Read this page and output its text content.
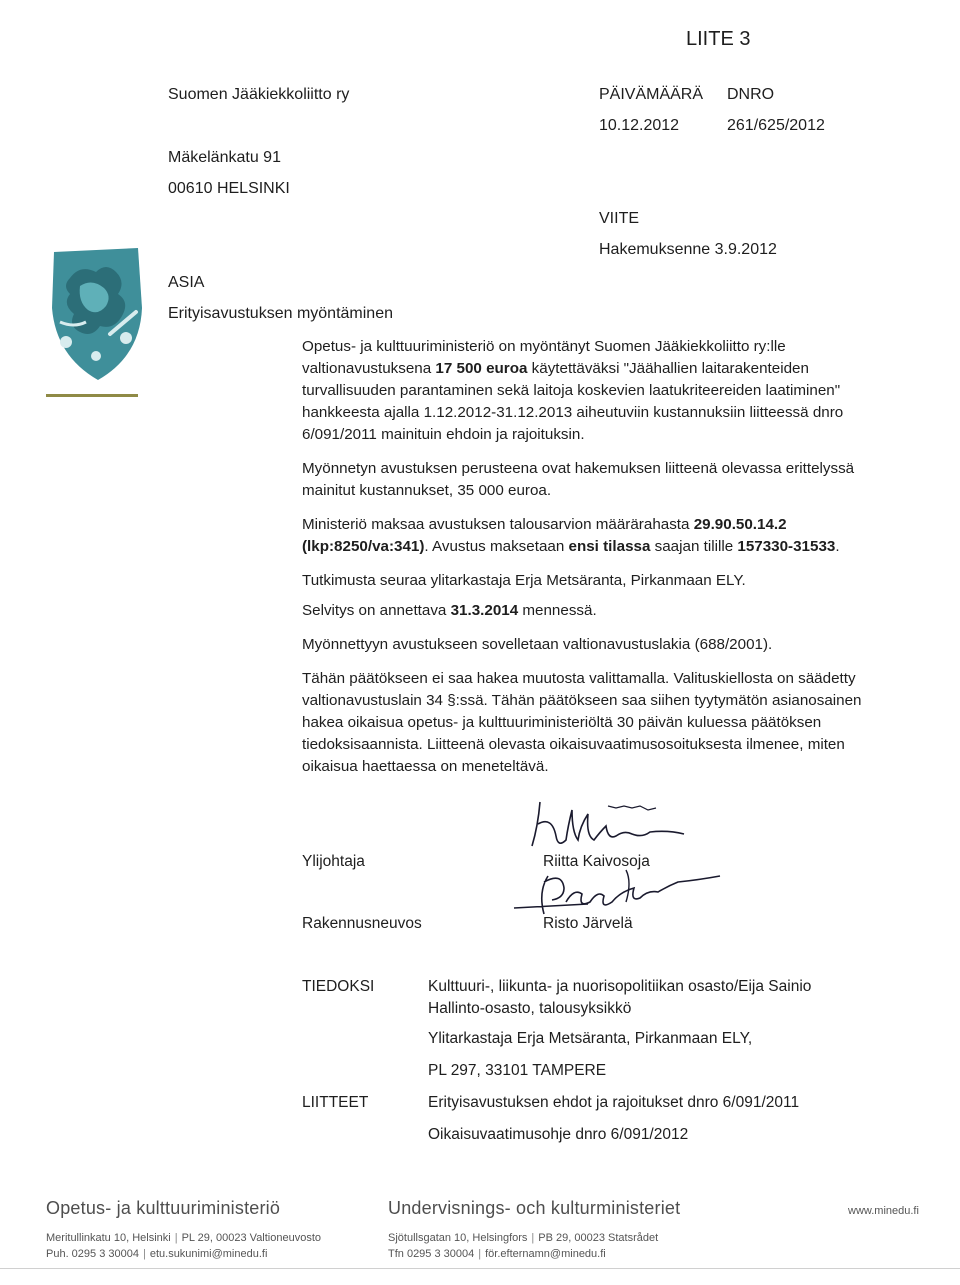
LIITE 3
Suomen Jääkiekkoliitto ry
Mäkelänkatu 91
00610 HELSINKI
PÄIVÄMÄÄRÄ DNRO
10.12.2012	261/625/2012
VIITE
Hakemuksenne 3.9.2012
ASIA
Erityisavustuksen myöntäminen

Opetus- ja kulttuuriministeriö on myöntänyt Suomen Jääkiekkoliitto ry:lle valtionavustuksena 17 500 euroa käytettäväksi "Jäähallien laitarakenteiden turvallisuuden parantaminen sekä laitoja koskevien laatukriteereiden laatiminen" hankkeesta ajalla 1.12.2012-31.12.2013 aiheutuviin kustannuksiin liitteessä dnro 6/091/2011 mainituin ehdoin ja rajoituksin.

Myönnetyn avustuksen perusteena ovat hakemuksen liitteenä olevassa erittelyssä mainitut kustannukset, 35 000 euroa.

Ministeriö maksaa avustuksen talousarvion määrärahasta 29.90.50.14.2 (lkp:8250/va:341). Avustus maksetaan ensi tilassa saajan tilille 157330-31533.

Tutkimusta seuraa ylitarkastaja Erja Metsäranta, Pirkanmaan ELY.

Selvitys on annettava 31.3.2014 mennessä.

Myönnettyyn avustukseen sovelletaan valtionavustuslakia (688/2001).

Tähän päätökseen ei saa hakea muutosta valittamalla. Valituskiellosta on säädetty valtionavustuslain 34 §:ssä. Tähän päätökseen saa siihen tyytymätön asianosainen hakea oikaisua opetus- ja kulttuuriministeriöltä 30 päivän kuluessa päätöksen tiedoksisaannista. Liitteenä olevasta oikaisuvaatimusosoituksesta ilmenee, miten oikaisua haettaessa on meneteltävä.

Ylijohtaja	Riitta Kaivosoja
Rakennusneuvos	Risto Järvelä
TIEDOKSI	Kulttuuri-, liikunta- ja nuorisopolitiikan osasto/Eija Sainio
Hallinto-osasto, talousyksikkö
Ylitarkastaja Erja Metsäranta, Pirkanmaan ELY,
PL 297, 33101 TAMPERE
LIITTEET	Erityisavustuksen ehdot ja rajoitukset dnro 6/091/2011
Oikaisuvaatimusohje dnro 6/091/2012
Opetus- ja kulttuuriministeriö	Undervisnings- och kulturministeriet	www.minedu.fi
Meritullinkatu 10, Helsinki | PL 29, 00023 Valtioneuvosto
Puh. 0295 3 30004 | etu.sukunimi@minedu.fi
Sjötullsgatan 10, Helsingfors | PB 29, 00023 Statsrådet
Tfn 0295 3 30004 | för.efternamn@minedu.fi
